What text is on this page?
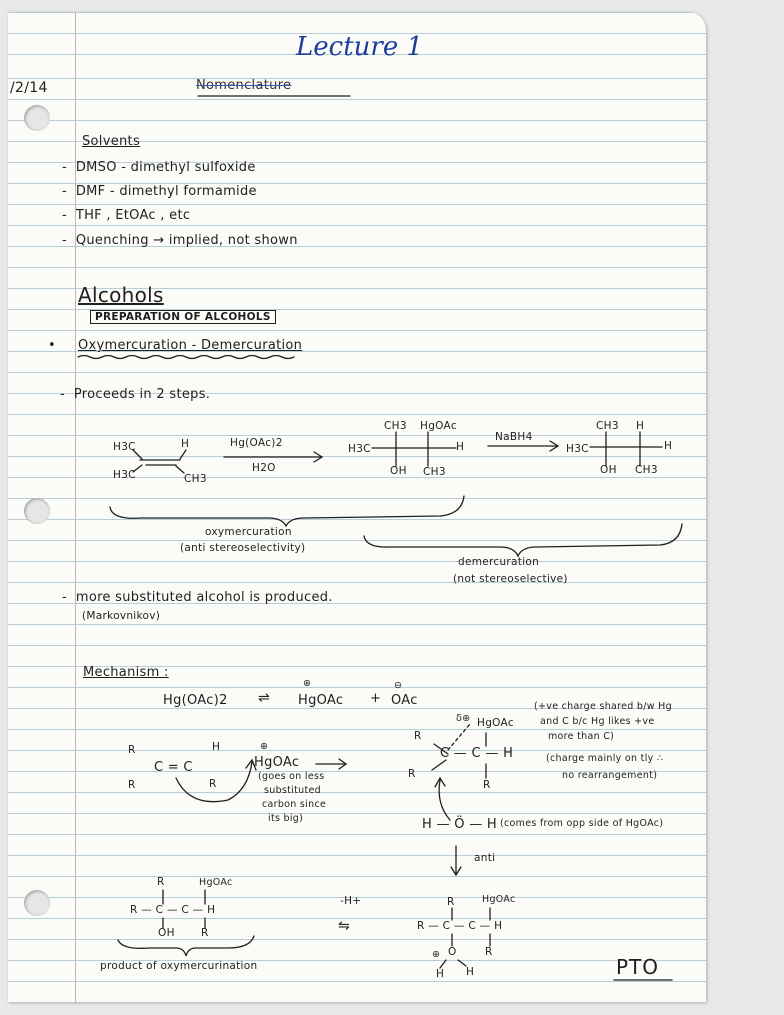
/2/14
Lecture 1
Nomenclature
Solvents
-  DMSO - dimethyl sulfoxide
-  DMF - dimethyl formamide
-  THF , EtOAc , etc
-  Quenching → implied, not shown
Alcohols
PREPARATION OF ALCOHOLS
• Oxymercuration - Demercuration
-  Proceeds in 2 steps.
H3C	H
H3C	CH3
Hg(OAc)2
H2O
CH3 HgOAc
H3C	H
OH CH3
NaBH4
CH3 H
H3C	H
OH CH3
oxymercuration
(anti stereoselectivity)
demercuration
(not stereoselective)
-  more substituted alcohol is produced.
(Markovnikov)
Mechanism :
Hg(OAc)2 ⇌
⊕
HgOAc +
⊖
OAc
R
C = C
R
H
R
⊕
HgOAc
(goes on less
substituted
carbon since
its big)
δ⊕ HgOAc
R
R
C — C — H
R
(+ve charge shared b/w Hg
and C b/c Hg likes +ve
more than C)
(charge mainly on tly ∴
no rearrangement)
H — Ö — H (comes from opp side of HgOAc)
anti
R	HgOAc
R — C — C — H
OH R
product of oxymercurination
-H+
⇋
R	HgOAc
R — C — C — H
⊕ O	R
H H	PTO
